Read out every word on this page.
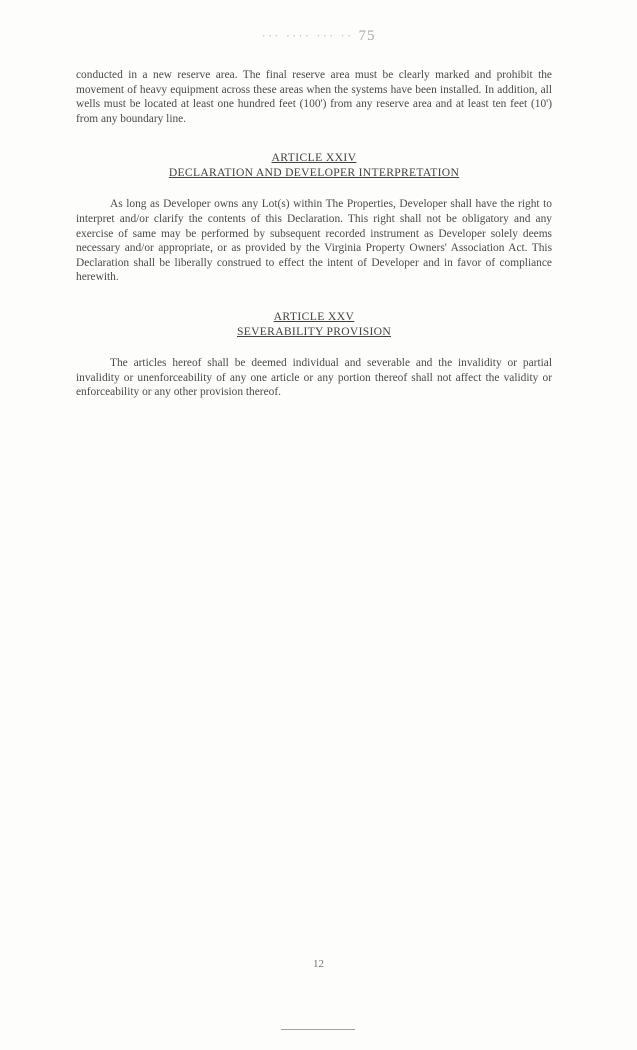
··· ···· ··· ·· 75

conducted in a new reserve area. The final reserve area must be clearly marked and prohibit the movement of heavy equipment across these areas when the systems have been installed. In addition, all wells must be located at least one hundred feet (100') from any reserve area and at least ten feet (10') from any boundary line.

ARTICLE XXIV
DECLARATION AND DEVELOPER INTERPRETATION

As long as Developer owns any Lot(s) within The Properties, Developer shall have the right to interpret and/or clarify the contents of this Declaration. This right shall not be obligatory and any exercise of same may be performed by subsequent recorded instrument as Developer solely deems necessary and/or appropriate, or as provided by the Virginia Property Owners' Association Act. This Declaration shall be liberally construed to effect the intent of Developer and in favor of compliance herewith.

ARTICLE XXV
SEVERABILITY PROVISION

The articles hereof shall be deemed individual and severable and the invalidity or partial invalidity or unenforceability of any one article or any portion thereof shall not affect the validity or enforceability or any other provision thereof.

12
